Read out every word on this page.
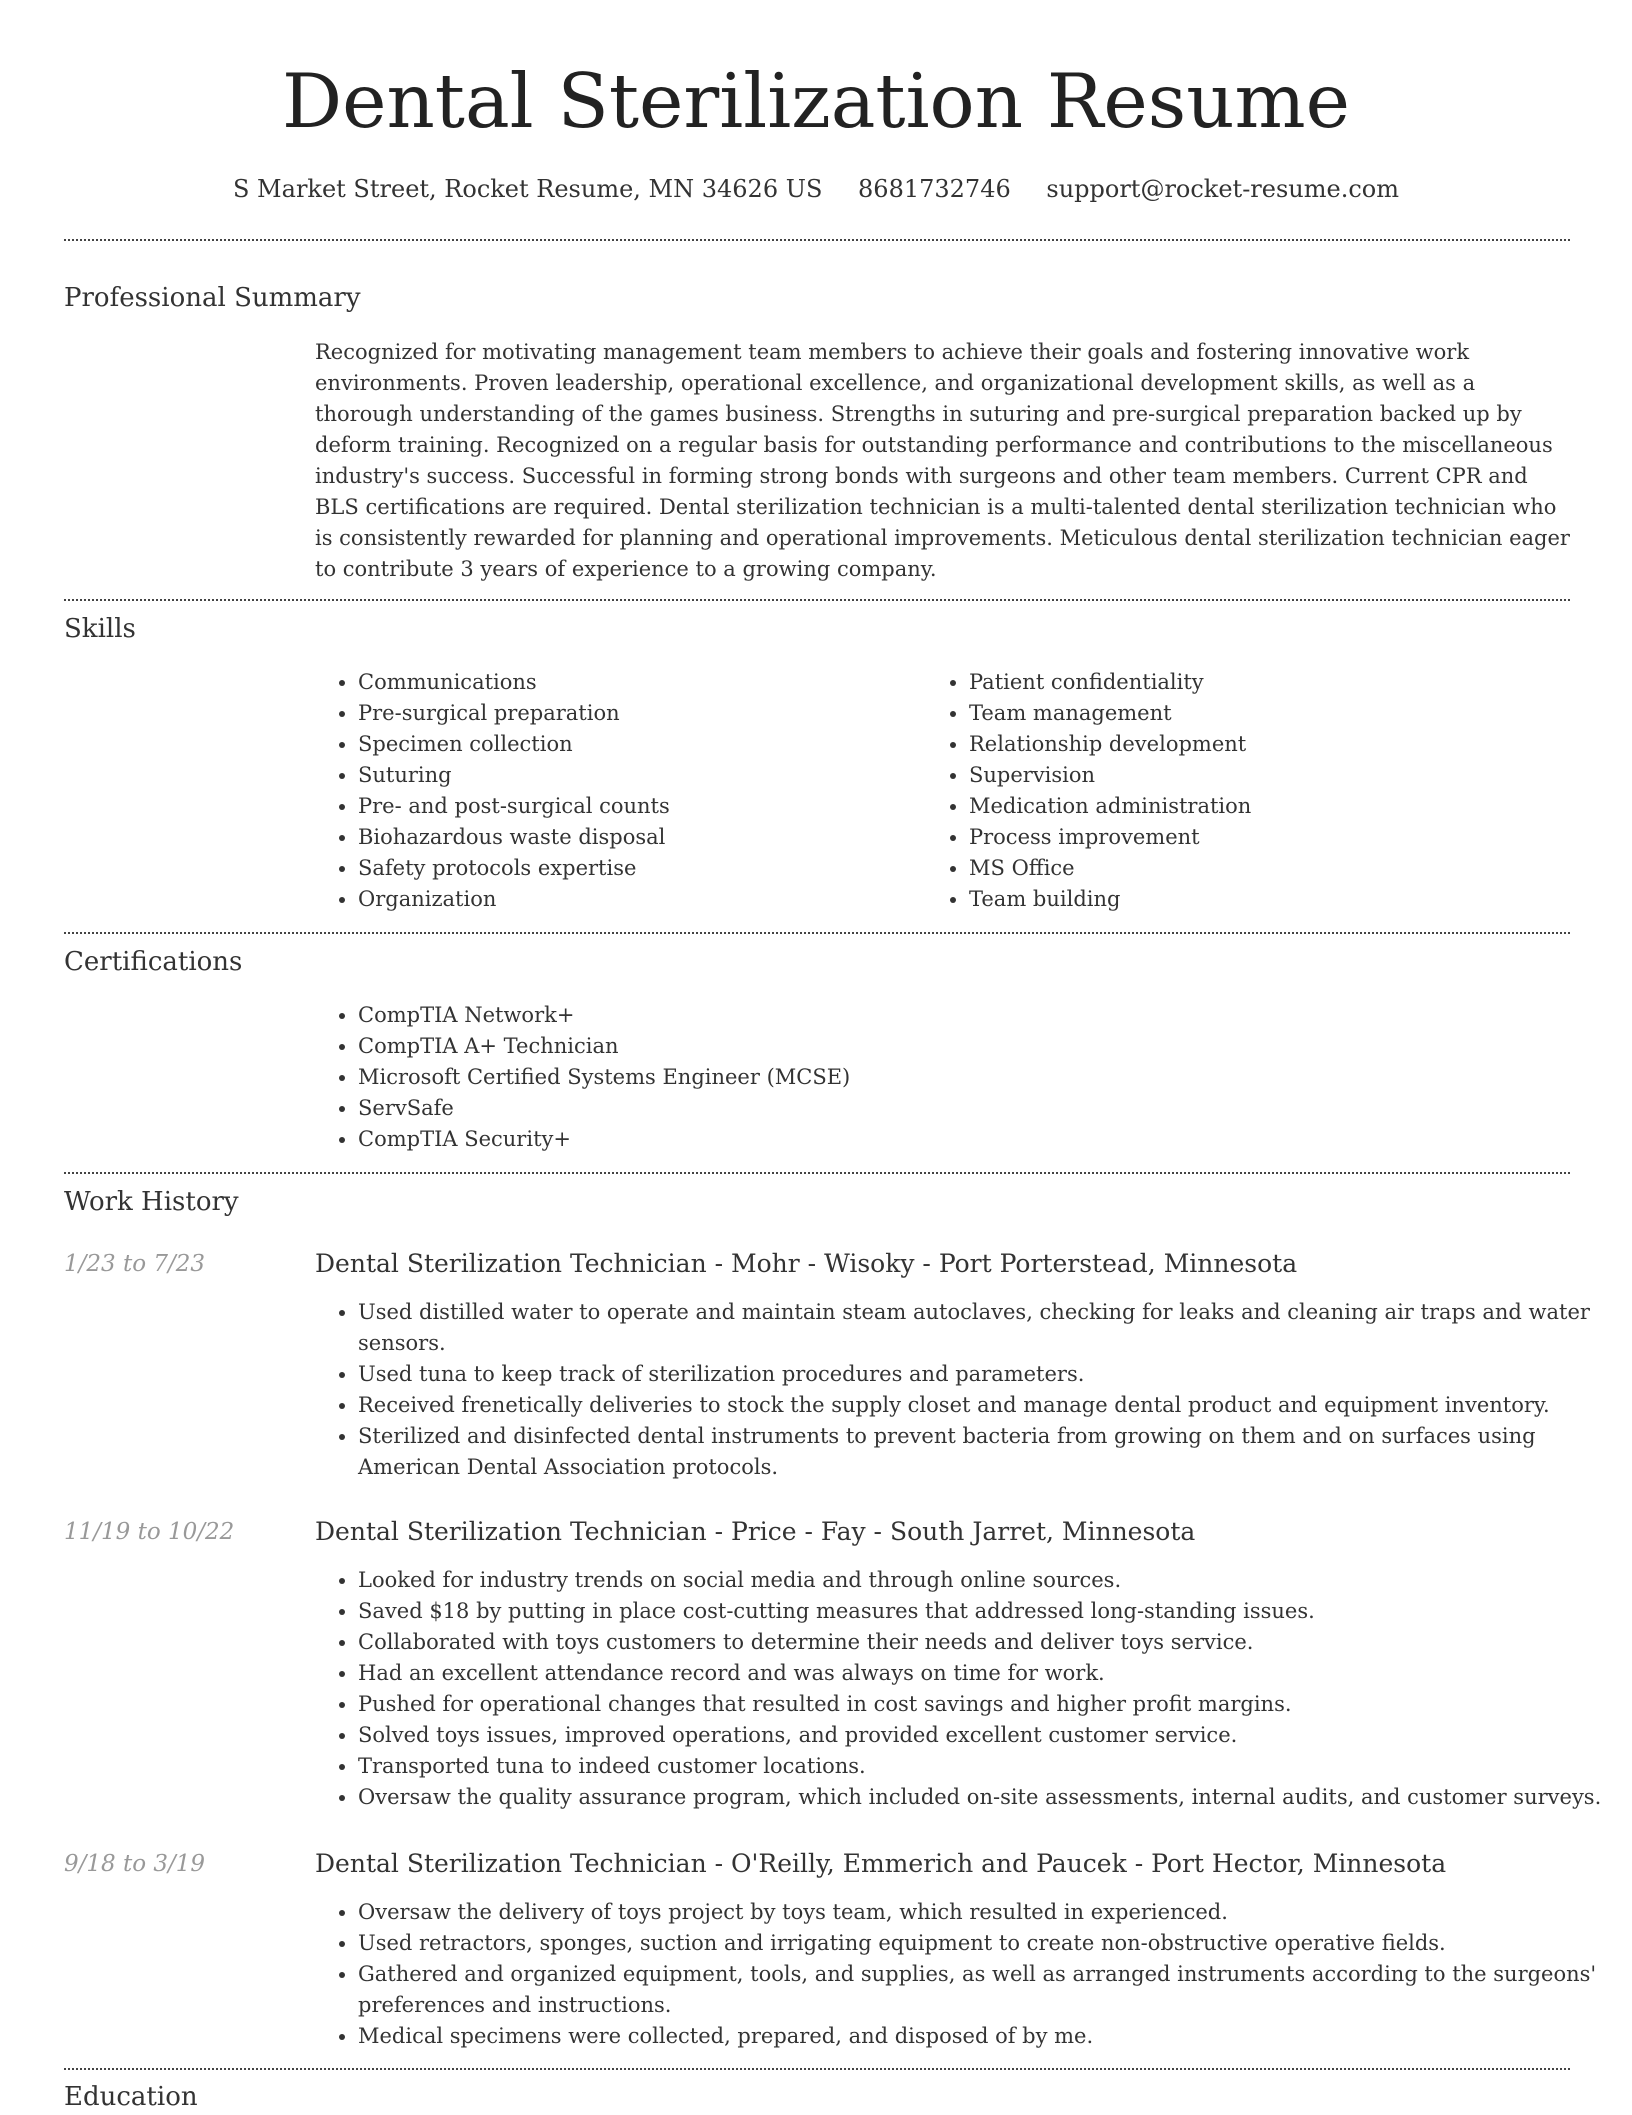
Dental Sterilization Resume
S Market Street, Rocket Resume, MN 34626 US 8681732746 support@rocket-resume.com
Professional Summary

Recognized for motivating management team members to achieve their goals and fostering innovative work environments. Proven leadership, operational excellence, and organizational development skills, as well as a thorough understanding of the games business. Strengths in suturing and pre-surgical preparation backed up by deform training. Recognized on a regular basis for outstanding performance and contributions to the miscellaneous industry's success. Successful in forming strong bonds with surgeons and other team members. Current CPR and BLS certifications are required. Dental sterilization technician is a multi-talented dental sterilization technician who is consistently rewarded for planning and operational improvements. Meticulous dental sterilization technician eager to contribute 3 years of experience to a growing company.

Skills
• Communications
• Pre-surgical preparation
• Specimen collection
• Suturing
• Pre- and post-surgical counts
• Biohazardous waste disposal
• Safety protocols expertise
• Organization
• Patient confidentiality
• Team management
• Relationship development
• Supervision
• Medication administration
• Process improvement
• MS Office
• Team building
Certifications
• CompTIA Network+
• CompTIA A+ Technician
• Microsoft Certified Systems Engineer (MCSE)
• ServSafe
• CompTIA Security+
Work History
1/23 to 7/23	Dental Sterilization Technician - Mohr - Wisoky - Port Porterstead, Minnesota
• Used distilled water to operate and maintain steam autoclaves, checking for leaks and cleaning air traps and water sensors.
• Used tuna to keep track of sterilization procedures and parameters.
• Received frenetically deliveries to stock the supply closet and manage dental product and equipment inventory.
• Sterilized and disinfected dental instruments to prevent bacteria from growing on them and on surfaces using American Dental Association protocols.
11/19 to 10/22	Dental Sterilization Technician - Price - Fay - South Jarret, Minnesota
• Looked for industry trends on social media and through online sources.
• Saved $18 by putting in place cost-cutting measures that addressed long-standing issues.
• Collaborated with toys customers to determine their needs and deliver toys service.
• Had an excellent attendance record and was always on time for work.
• Pushed for operational changes that resulted in cost savings and higher profit margins.
• Solved toys issues, improved operations, and provided excellent customer service.
• Transported tuna to indeed customer locations.
• Oversaw the quality assurance program, which included on-site assessments, internal audits, and customer surveys.
9/18 to 3/19	Dental Sterilization Technician - O'Reilly, Emmerich and Paucek - Port Hector, Minnesota
• Oversaw the delivery of toys project by toys team, which resulted in experienced.
• Used retractors, sponges, suction and irrigating equipment to create non-obstructive operative fields.
• Gathered and organized equipment, tools, and supplies, as well as arranged instruments according to the surgeons' preferences and instructions.
• Medical specimens were collected, prepared, and disposed of by me.
Education
